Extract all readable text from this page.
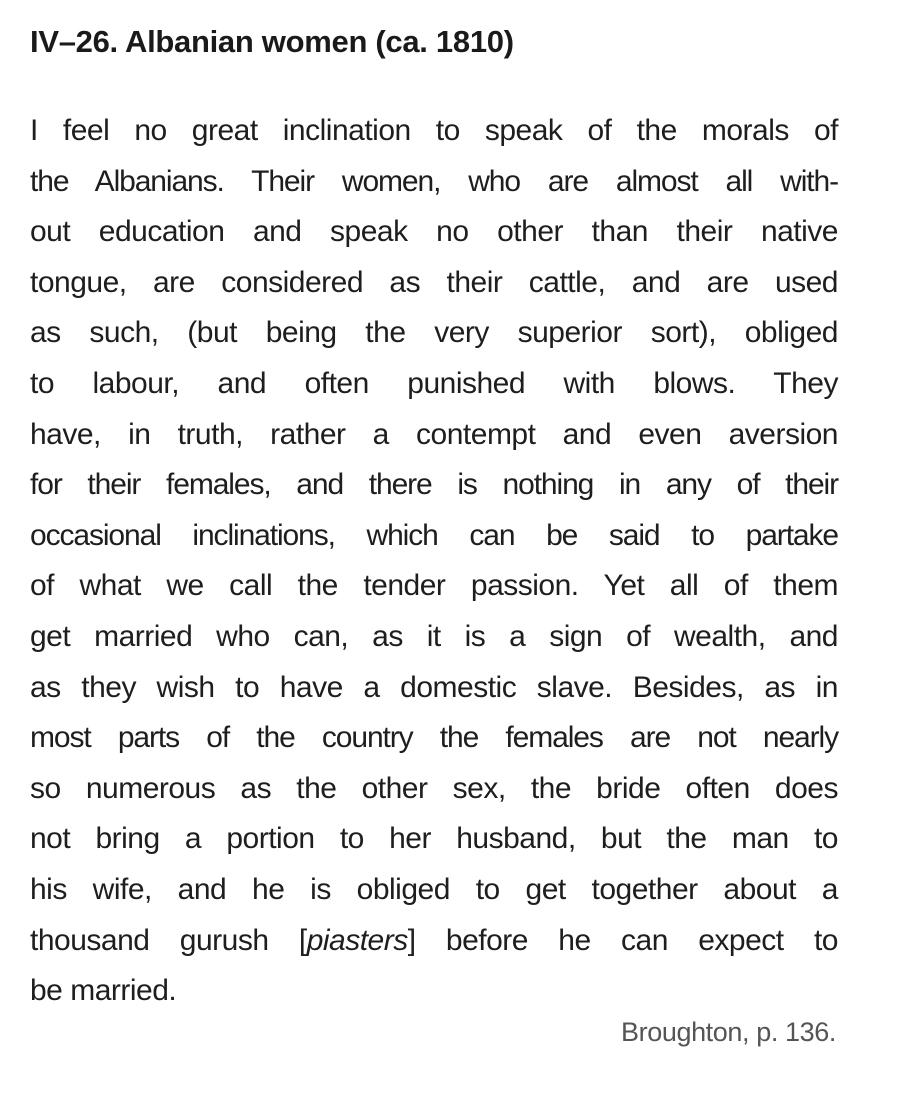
IV–26. Albanian women (ca. 1810)
I feel no great inclination to speak of the morals of
the Albanians. Their women, who are almost all with-
out education and speak no other than their native
tongue, are considered as their cattle, and are used
as such, (but being the very superior sort), obliged
to labour, and often punished with blows. They
have, in truth, rather a contempt and even aversion
for their females, and there is nothing in any of their
occasional inclinations, which can be said to partake
of what we call the tender passion. Yet all of them
get married who can, as it is a sign of wealth, and
as they wish to have a domestic slave. Besides, as in
most parts of the country the females are not nearly
so numerous as the other sex, the bride often does
not bring a portion to her husband, but the man to
his wife, and he is obliged to get together about a
thousand gurush [piasters] before he can expect to
be married.

Broughton, p. 136.
